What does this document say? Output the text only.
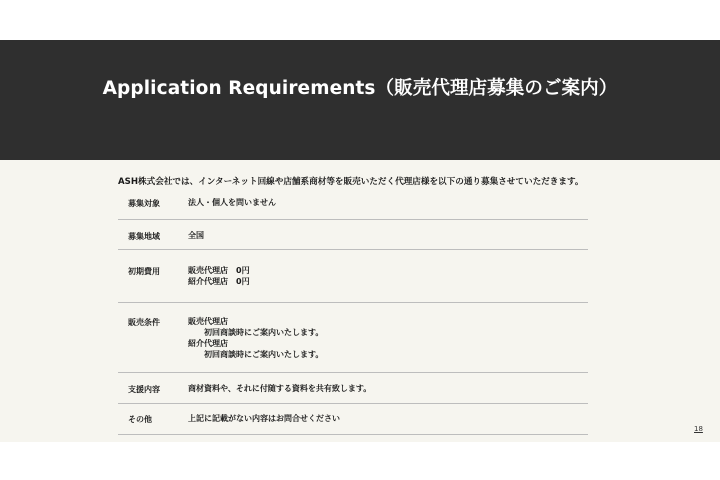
Application Requirements（販売代理店募集のご案内）
ASH株式会社では、インターネット回線や店舗系商材等を販売いただく代理店様を以下の通り募集させていただきます。
募集対象	法人・個人を問いません
募集地域	全国
初期費用	販売代理店　0円
紹介代理店　0円
販売条件	販売代理店
初回商談時にご案内いたします。
紹介代理店
初回商談時にご案内いたします。
支援内容	商材資料や、それに付随する資料を共有致します。
その他	上記に記載がない内容はお問合せください
18
